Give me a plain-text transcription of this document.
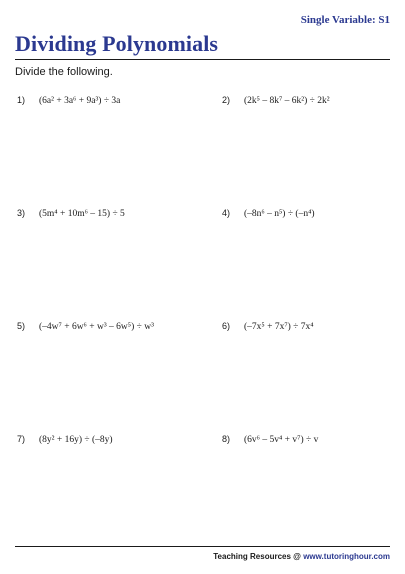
Single Variable: S1
Dividing Polynomials
Divide the following.
1) (6a² + 3a⁶ + 9a³) ÷ 3a	2) (2k⁵ – 8k⁷ – 6k²) ÷ 2k²
3) (5m⁴ + 10m⁶ – 15) ÷ 5	4) (–8n⁶ – n⁵) ÷ (–n⁴)
5) (–4w⁷ + 6w⁶ + w³ – 6w⁵) ÷ w³	6) (–7x⁵ + 7x⁷) ÷ 7x⁴
7) (8y² + 16y) ÷ (–8y)	8) (6v⁶ – 5v⁴ + v⁷) ÷ v
Teaching Resources @ www.tutoringhour.com
